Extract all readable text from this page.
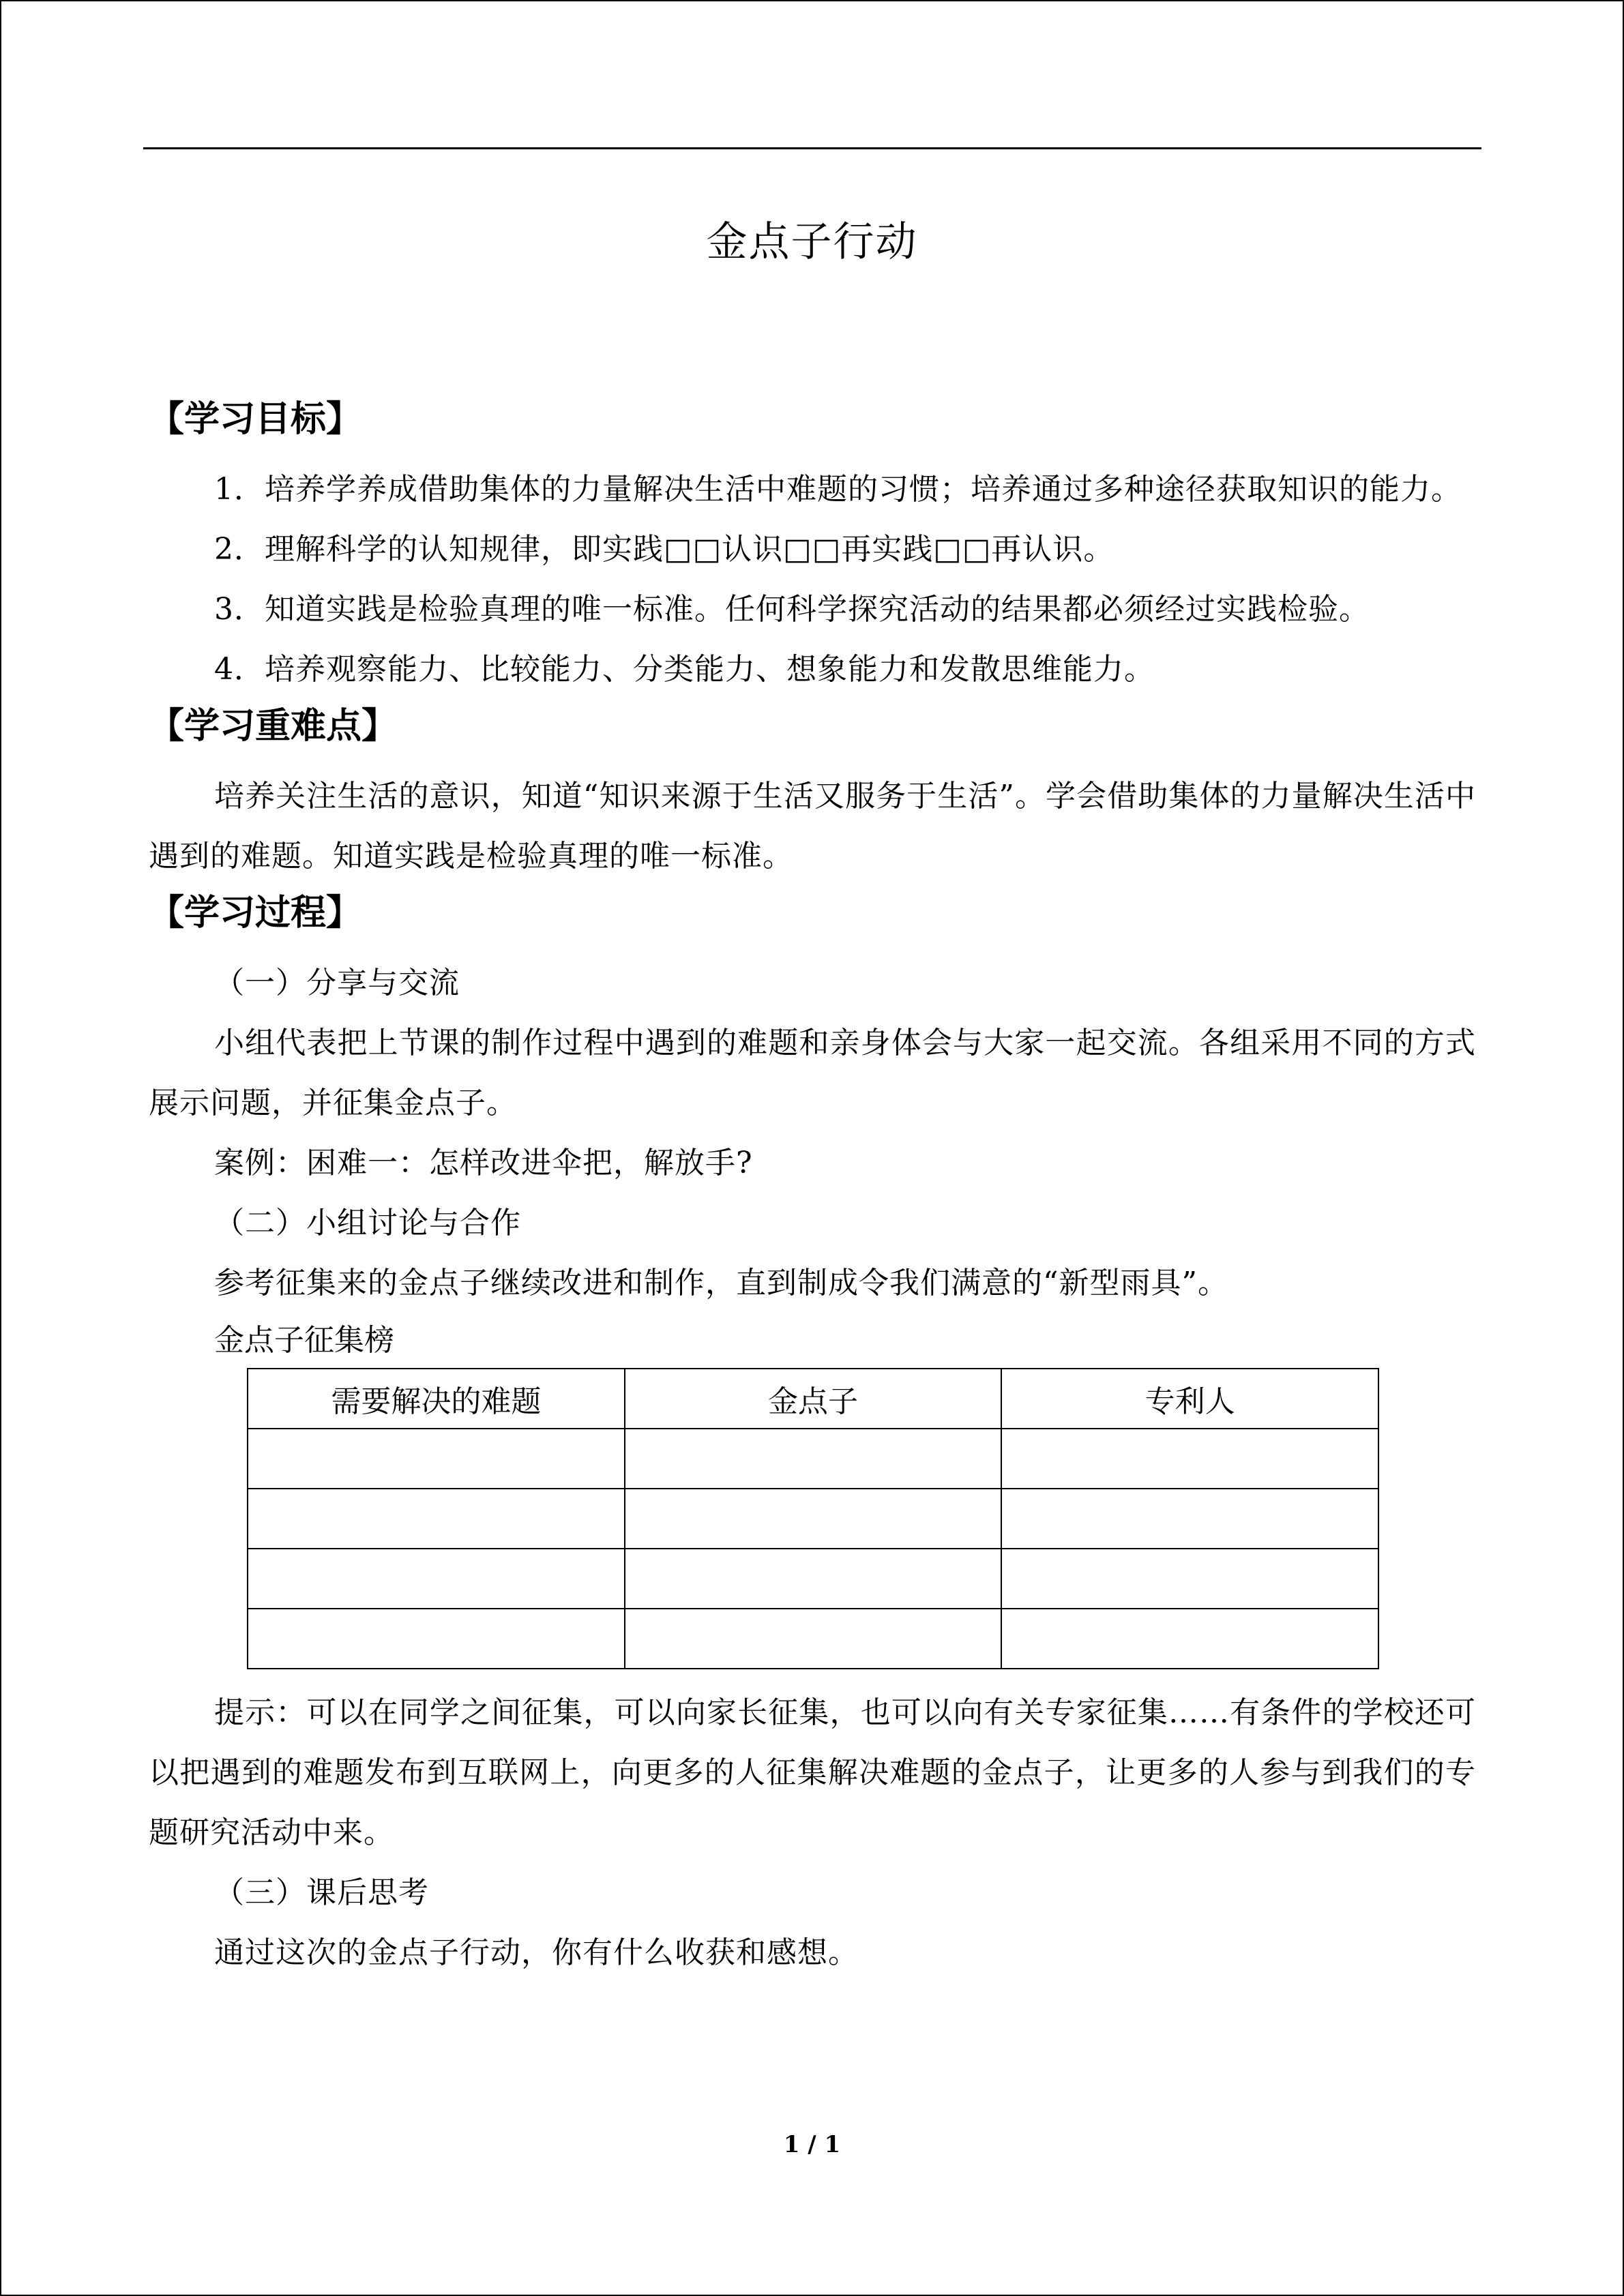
金点子行动
【学习目标】

1．培养学养成借助集体的力量解决生活中难题的习惯；培养通过多种途径获取知识的能力。

2．理解科学的认知规律，即实践□□认识□□再实践□□再认识。

3．知道实践是检验真理的唯一标准。任何科学探究活动的结果都必须经过实践检验。

4．培养观察能力、比较能力、分类能力、想象能力和发散思维能力。

【学习重难点】

培养关注生活的意识，知道“知识来源于生活又服务于生活”。学会借助集体的力量解决生活中遇到的难题。知道实践是检验真理的唯一标准。

【学习过程】

（一）分享与交流

小组代表把上节课的制作过程中遇到的难题和亲身体会与大家一起交流。各组采用不同的方式展示问题，并征集金点子。

案例：困难一：怎样改进伞把，解放手?

（二）小组讨论与合作

参考征集来的金点子继续改进和制作，直到制成令我们满意的“新型雨具”。

金点子征集榜

需要解决的难题	金点子	专利人

提示：可以在同学之间征集，可以向家长征集，也可以向有关专家征集……有条件的学校还可以把遇到的难题发布到互联网上，向更多的人征集解决难题的金点子，让更多的人参与到我们的专题研究活动中来。

（三）课后思考

通过这次的金点子行动，你有什么收获和感想。

1 / 1
